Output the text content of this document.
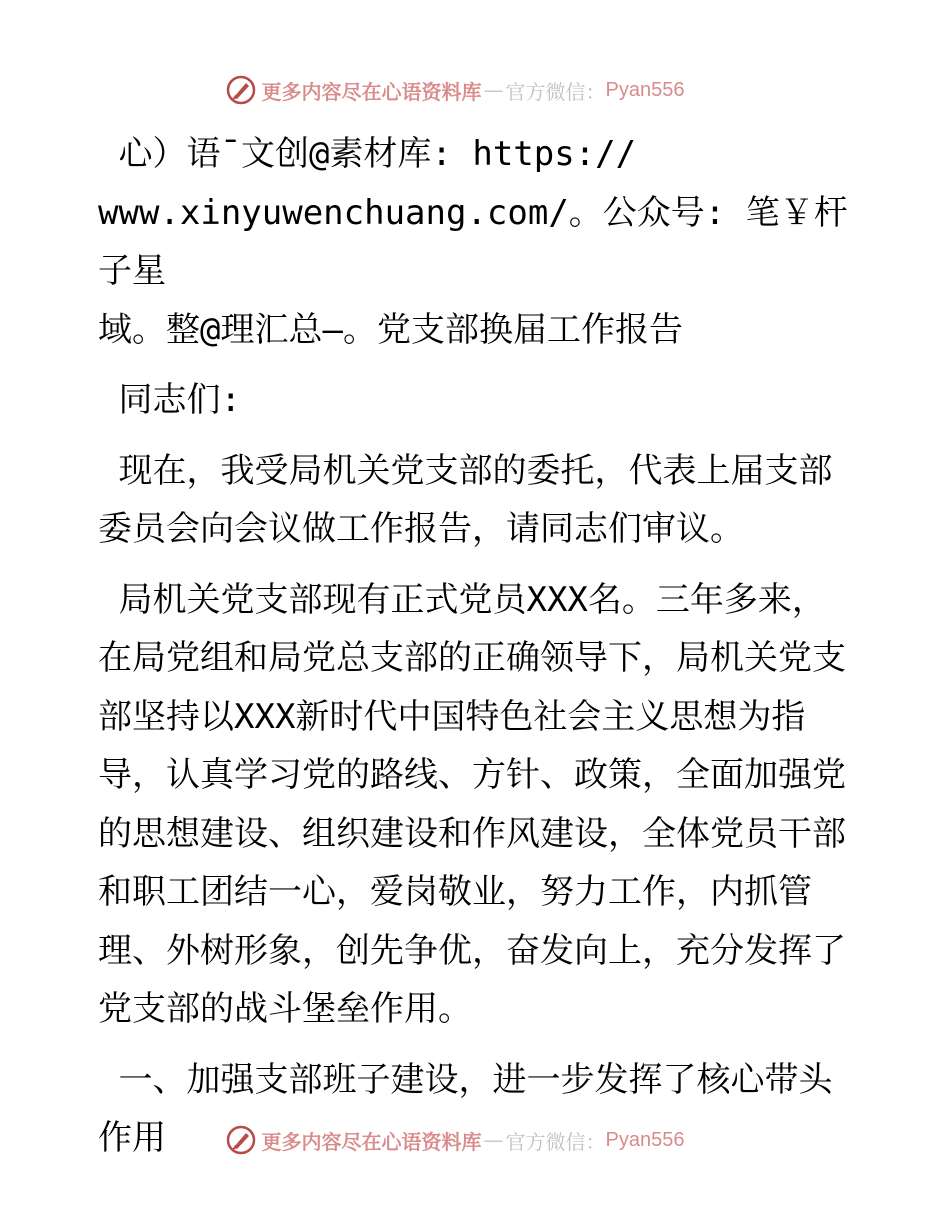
更多内容尽在心语资料库 — 官方微信： Pyan556

心）语¯文创@素材库: https://
www.xinyuwenchuang.com/。公众号: 笔￥杆子星
域。整@理汇总—。党支部换届工作报告

同志们:

现在，我受局机关党支部的委托，代表上届支部委员会向会议做工作报告，请同志们审议。

局机关党支部现有正式党员XXX名。三年多来，在局党组和局党总支部的正确领导下，局机关党支部坚持以XXX新时代中国特色社会主义思想为指导，认真学习党的路线、方针、政策，全面加强党的思想建设、组织建设和作风建设，全体党员干部和职工团结一心，爱岗敬业，努力工作，内抓管理、外树形象，创先争优，奋发向上，充分发挥了党支部的战斗堡垒作用。

一、加强支部班子建设，进一步发挥了核心带头作用	更多内容尽在心语资料库 — 官方微信： Pyan556
